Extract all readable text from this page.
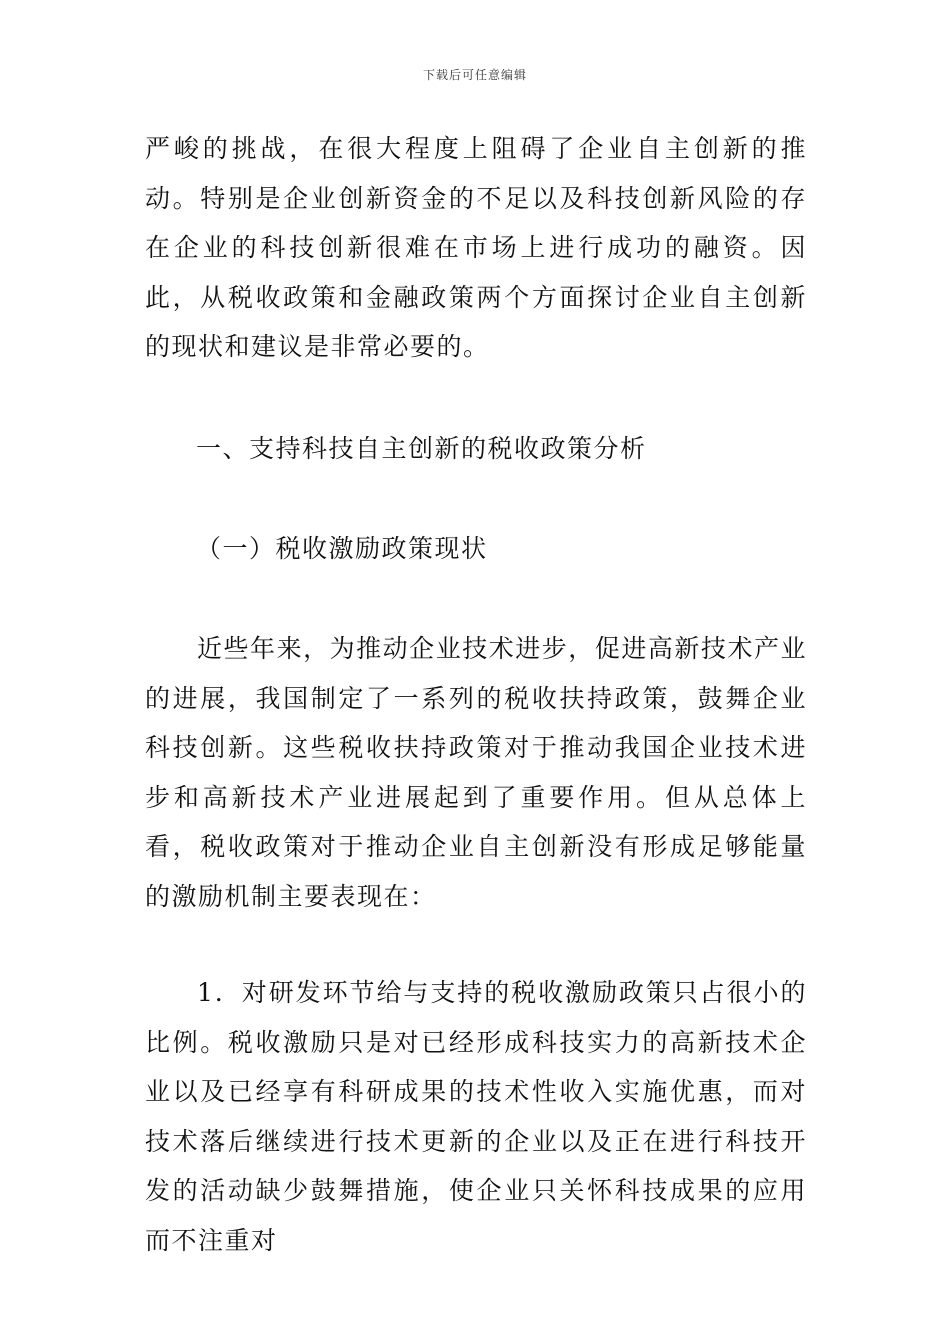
下载后可任意编辑

严峻的挑战，在很大程度上阻碍了企业自主创新的推动。特别是企业创新资金的不足以及科技创新风险的存在企业的科技创新很难在市场上进行成功的融资。因此，从税收政策和金融政策两个方面探讨企业自主创新的现状和建议是非常必要的。

一、支持科技自主创新的税收政策分析

（一）税收激励政策现状

近些年来，为推动企业技术进步，促进高新技术产业的进展，我国制定了一系列的税收扶持政策，鼓舞企业科技创新。这些税收扶持政策对于推动我国企业技术进步和高新技术产业进展起到了重要作用。但从总体上看，税收政策对于推动企业自主创新没有形成足够能量的激励机制主要表现在：

1．对研发环节给与支持的税收激励政策只占很小的比例。税收激励只是对已经形成科技实力的高新技术企业以及已经享有科研成果的技术性收入实施优惠，而对技术落后继续进行技术更新的企业以及正在进行科技开发的活动缺少鼓舞措施，使企业只关怀科技成果的应用而不注重对
